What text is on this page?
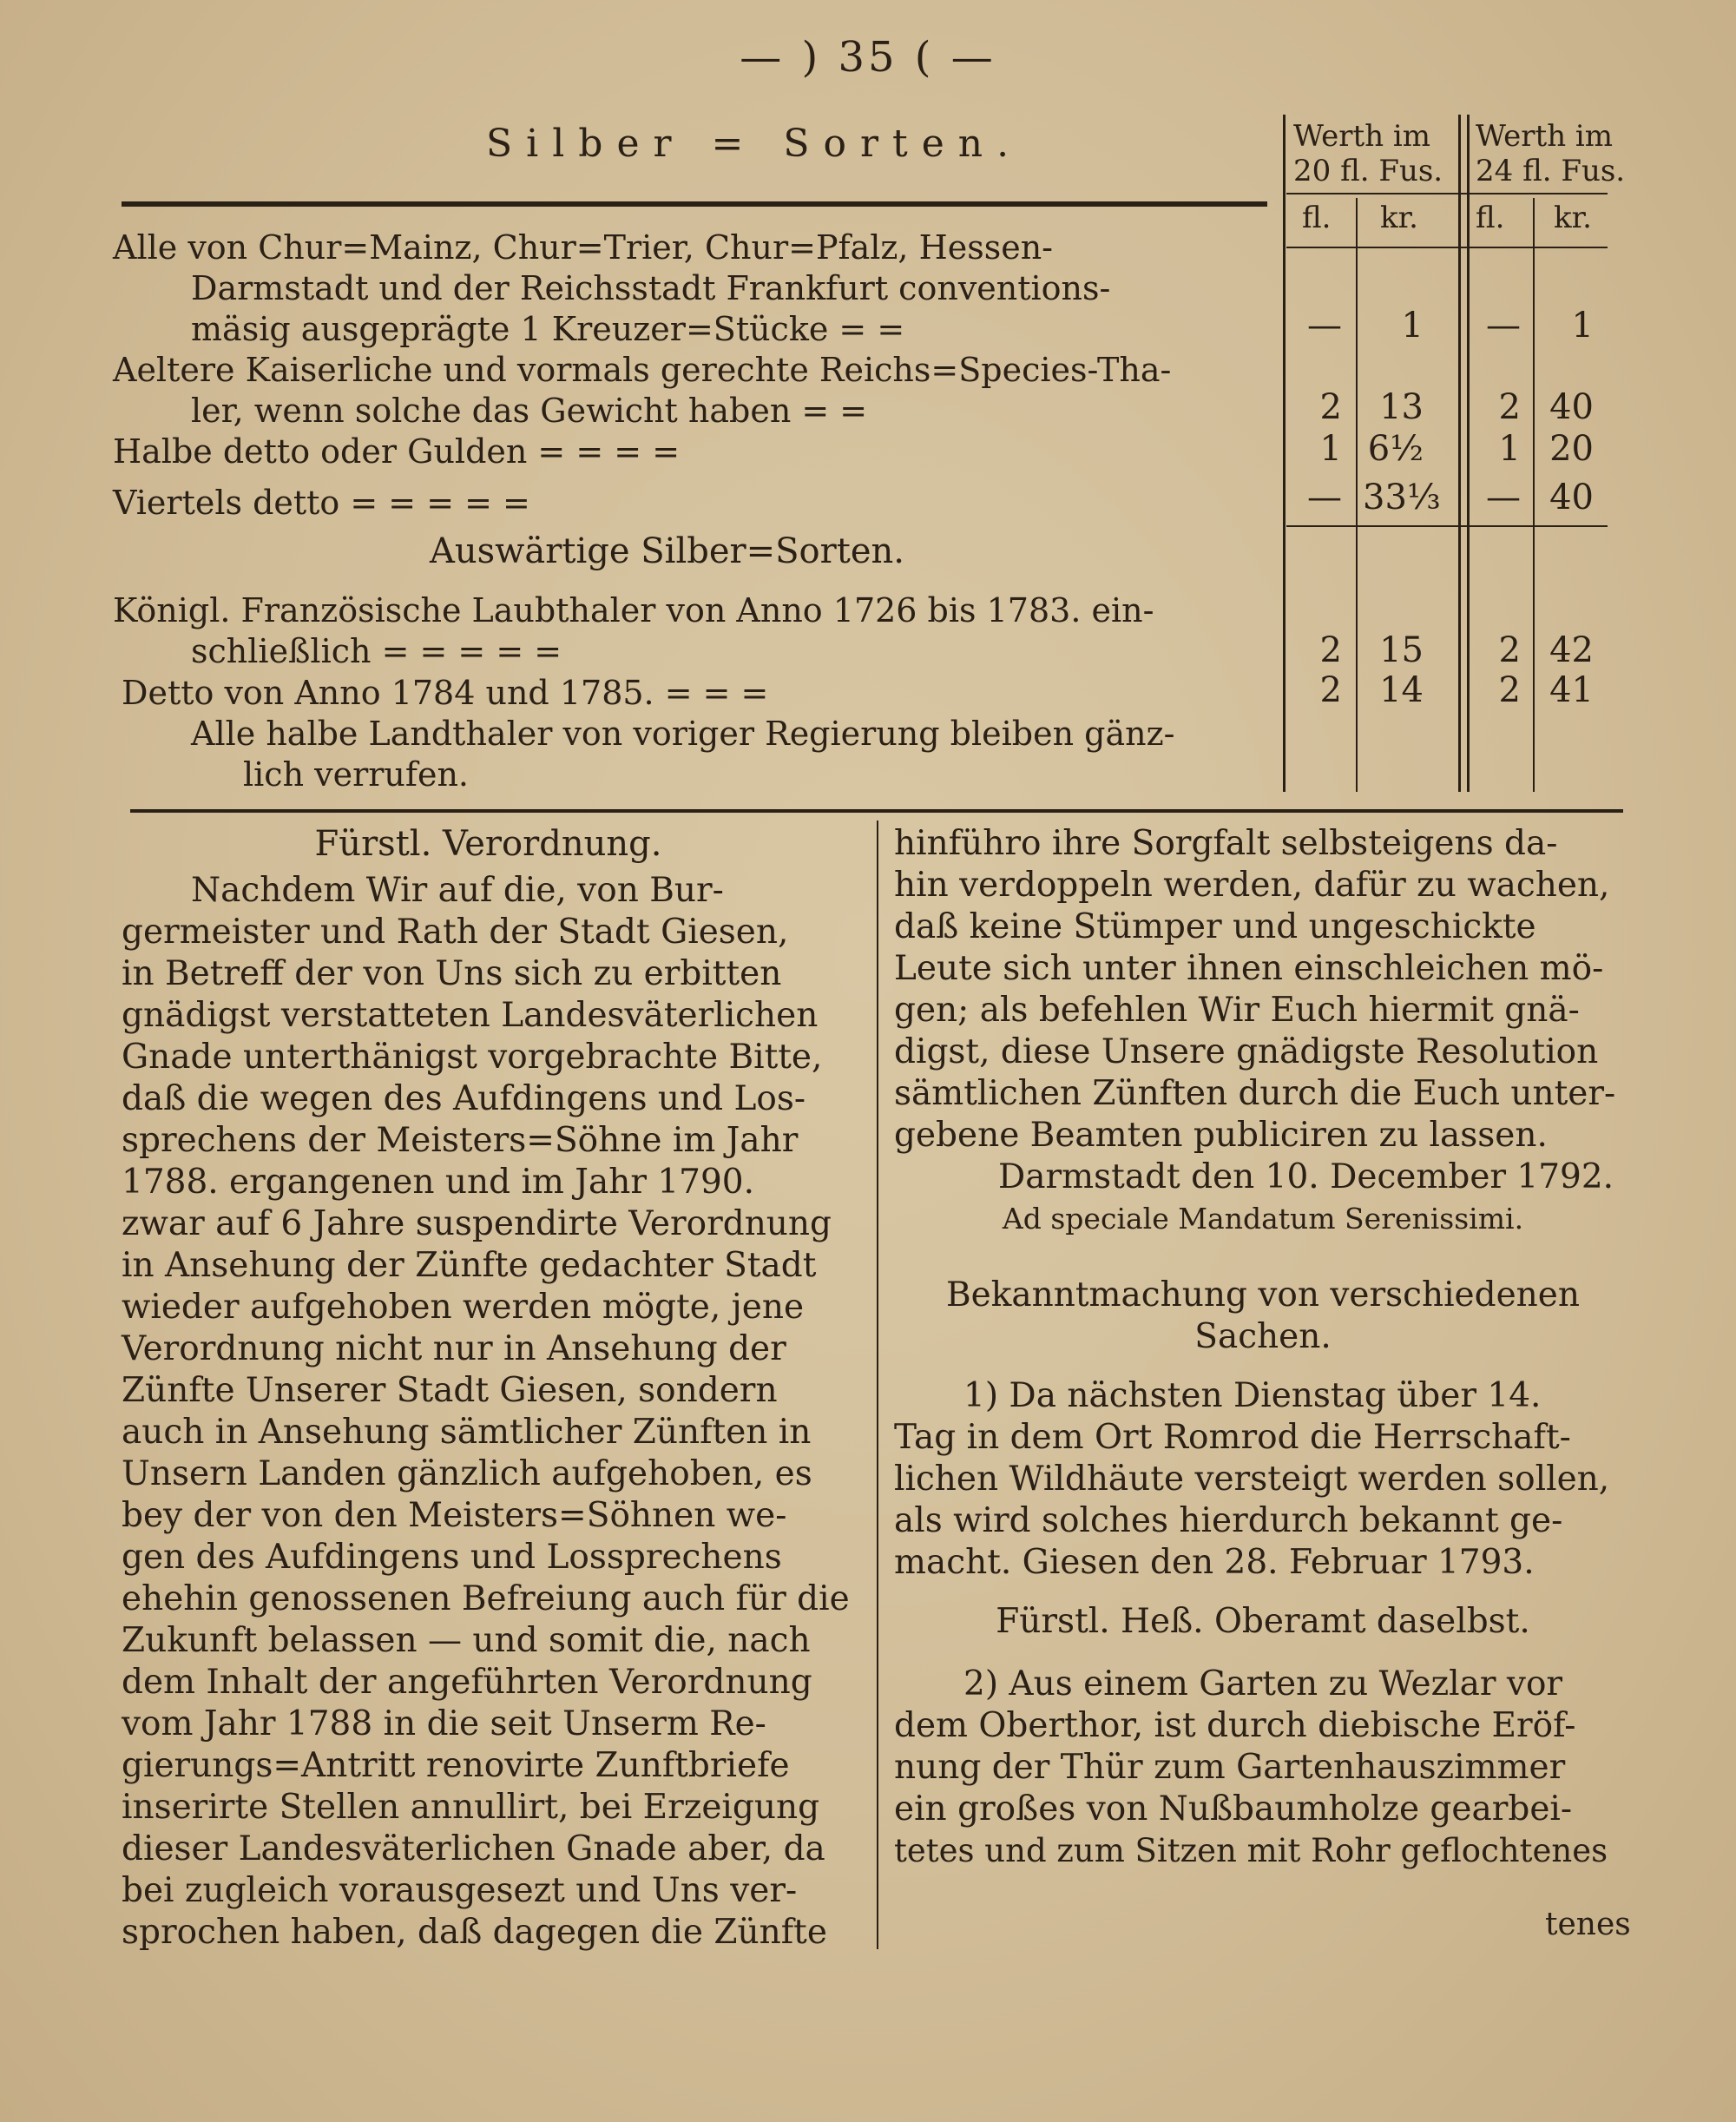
— ) 35 ( —
Silber = Sorten.	Werth im
20 fl. Fus.
Werth im
24 fl. Fus.
fl. kr. fl. kr.
Alle von Chur=Mainz, Chur=Trier, Chur=Pfalz, Hessen-
Darmstadt und der Reichsstadt Frankfurt conventions-
mäsig ausgeprägte 1 Kreuzer=Stücke = =	—	1	—	1
Aeltere Kaiserliche und vormals gerechte Reichs=Species-Tha-
ler, wenn solche das Gewicht haben = =	2	13	2 40
Halbe detto oder Gulden = = = =	1 6½	1 20
Viertels detto = = = = =	— 33⅓	— 40
Auswärtige Silber=Sorten.
Königl. Französische Laubthaler von Anno 1726 bis 1783. ein-
schließlich = = = = =	2	15	2 42
Detto von Anno 1784 und 1785. = = =	2	14	2 41
Alle halbe Landthaler von voriger Regierung bleiben gänz-
lich verrufen.

Fürstl. Verordnung.

Nachdem Wir auf die, von Bur-

germeister und Rath der Stadt Giesen,

in Betreff der von Uns sich zu erbitten

gnädigst verstatteten Landesväterlichen

Gnade unterthänigst vorgebrachte Bitte,

daß die wegen des Aufdingens und Los-

sprechens der Meisters=Söhne im Jahr

1788. ergangenen und im Jahr 1790.

zwar auf 6 Jahre suspendirte Verordnung

in Ansehung der Zünfte gedachter Stadt

wieder aufgehoben werden mögte, jene

Verordnung nicht nur in Ansehung der

Zünfte Unserer Stadt Giesen, sondern

auch in Ansehung sämtlicher Zünften in

Unsern Landen gänzlich aufgehoben, es

bey der von den Meisters=Söhnen we-

gen des Aufdingens und Lossprechens

ehehin genossenen Befreiung auch für die

Zukunft belassen — und somit die, nach

dem Inhalt der angeführten Verordnung

vom Jahr 1788 in die seit Unserm Re-

gierungs=Antritt renovirte Zunftbriefe

inserirte Stellen annullirt, bei Erzeigung

dieser Landesväterlichen Gnade aber, da

bei zugleich vorausgesezt und Uns ver-

sprochen haben, daß dagegen die Zünfte

hinführo ihre Sorgfalt selbsteigens da-

hin verdoppeln werden, dafür zu wachen,

daß keine Stümper und ungeschickte

Leute sich unter ihnen einschleichen mö-

gen; als befehlen Wir Euch hiermit gnä-

digst, diese Unsere gnädigste Resolution

sämtlichen Zünften durch die Euch unter-

gebene Beamten publiciren zu lassen.

Darmstadt den 10. December 1792.

Ad speciale Mandatum Serenissimi.

Bekanntmachung von verschiedenen

Sachen.

1) Da nächsten Dienstag über 14.

Tag in dem Ort Romrod die Herrschaft-

lichen Wildhäute versteigt werden sollen,

als wird solches hierdurch bekannt ge-

macht. Giesen den 28. Februar 1793.

Fürstl. Heß. Oberamt daselbst.

2) Aus einem Garten zu Wezlar vor

dem Oberthor, ist durch diebische Eröf-

nung der Thür zum Gartenhauszimmer

ein großes von Nußbaumholze gearbei-

tetes und zum Sitzen mit Rohr geflochtenes

tenes
